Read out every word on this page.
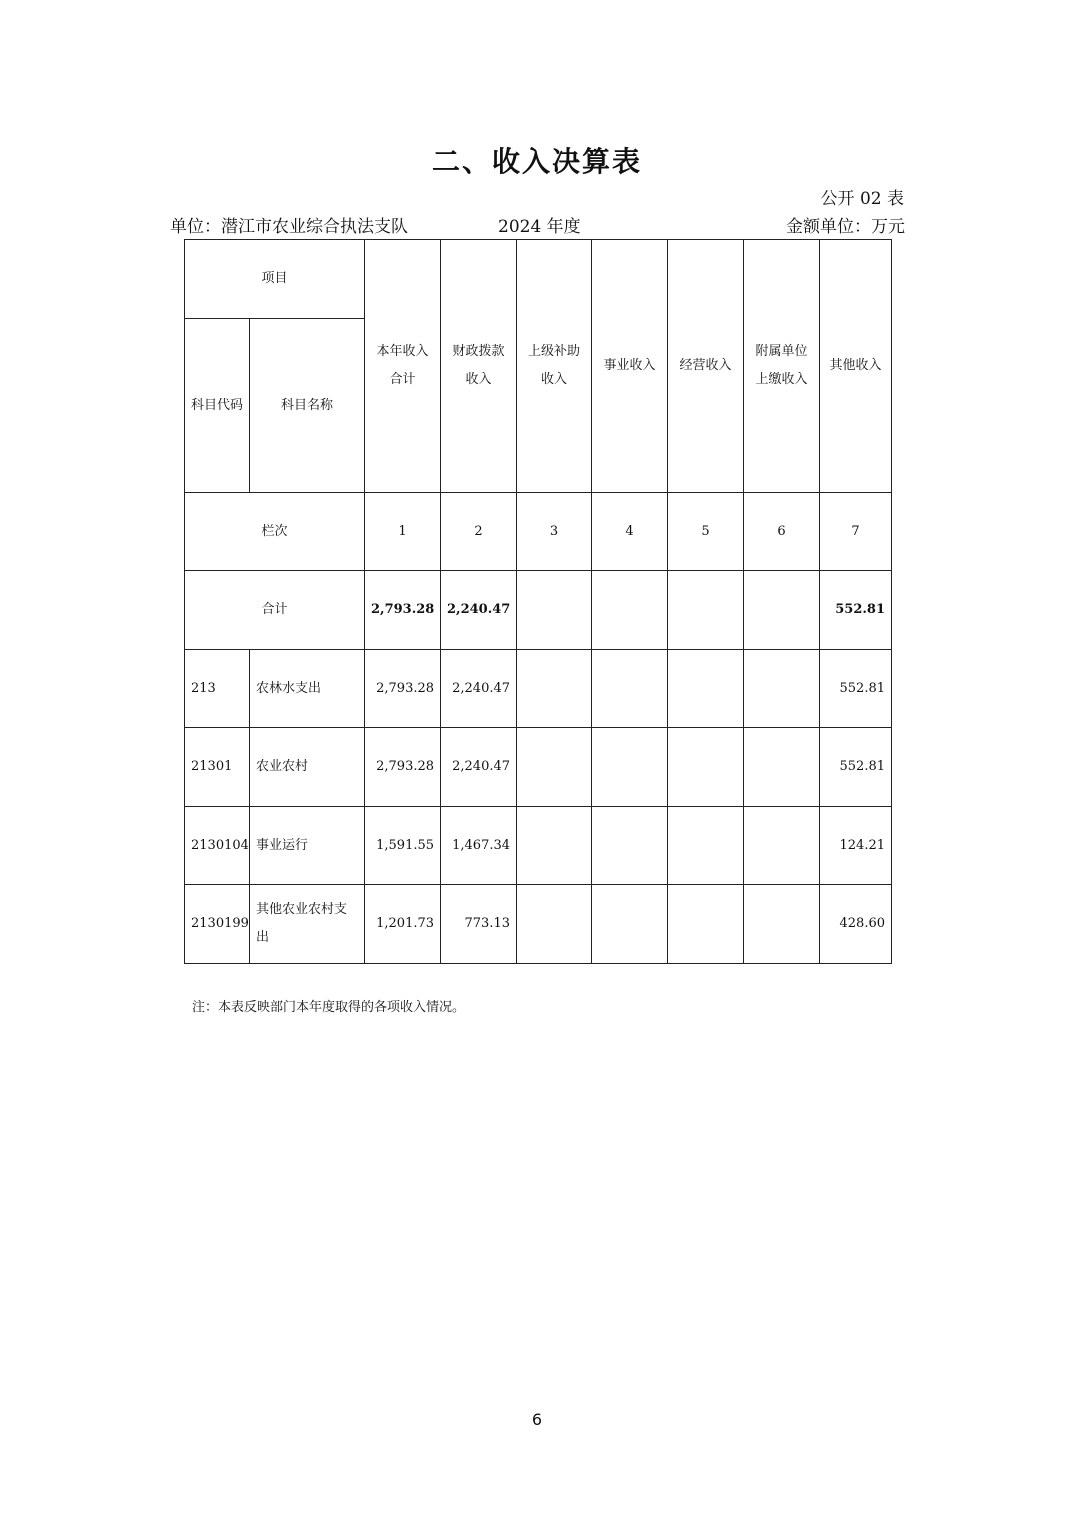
二、收入决算表
公开 02 表
单位：潜江市农业综合执法支队	2024 年度	金额单位：万元
项目		本年收入合计	财政拨款收入	上级补助收入	事业收入	经营收入	附属单位上缴收入	其他收入
科目代码	科目名称							
栏次		1	2	3	4	5	6	7
合计		2,793.28	2,240.47					552.81
213	农林水支出	2,793.28	2,240.47					552.81
21301	农业农村	2,793.28	2,240.47					552.81
2130104	事业运行	1,591.55	1,467.34					124.21
2130199	其他农业农村支出	1,201.73	773.13					428.60
注：本表反映部门本年度取得的各项收入情况。
6
